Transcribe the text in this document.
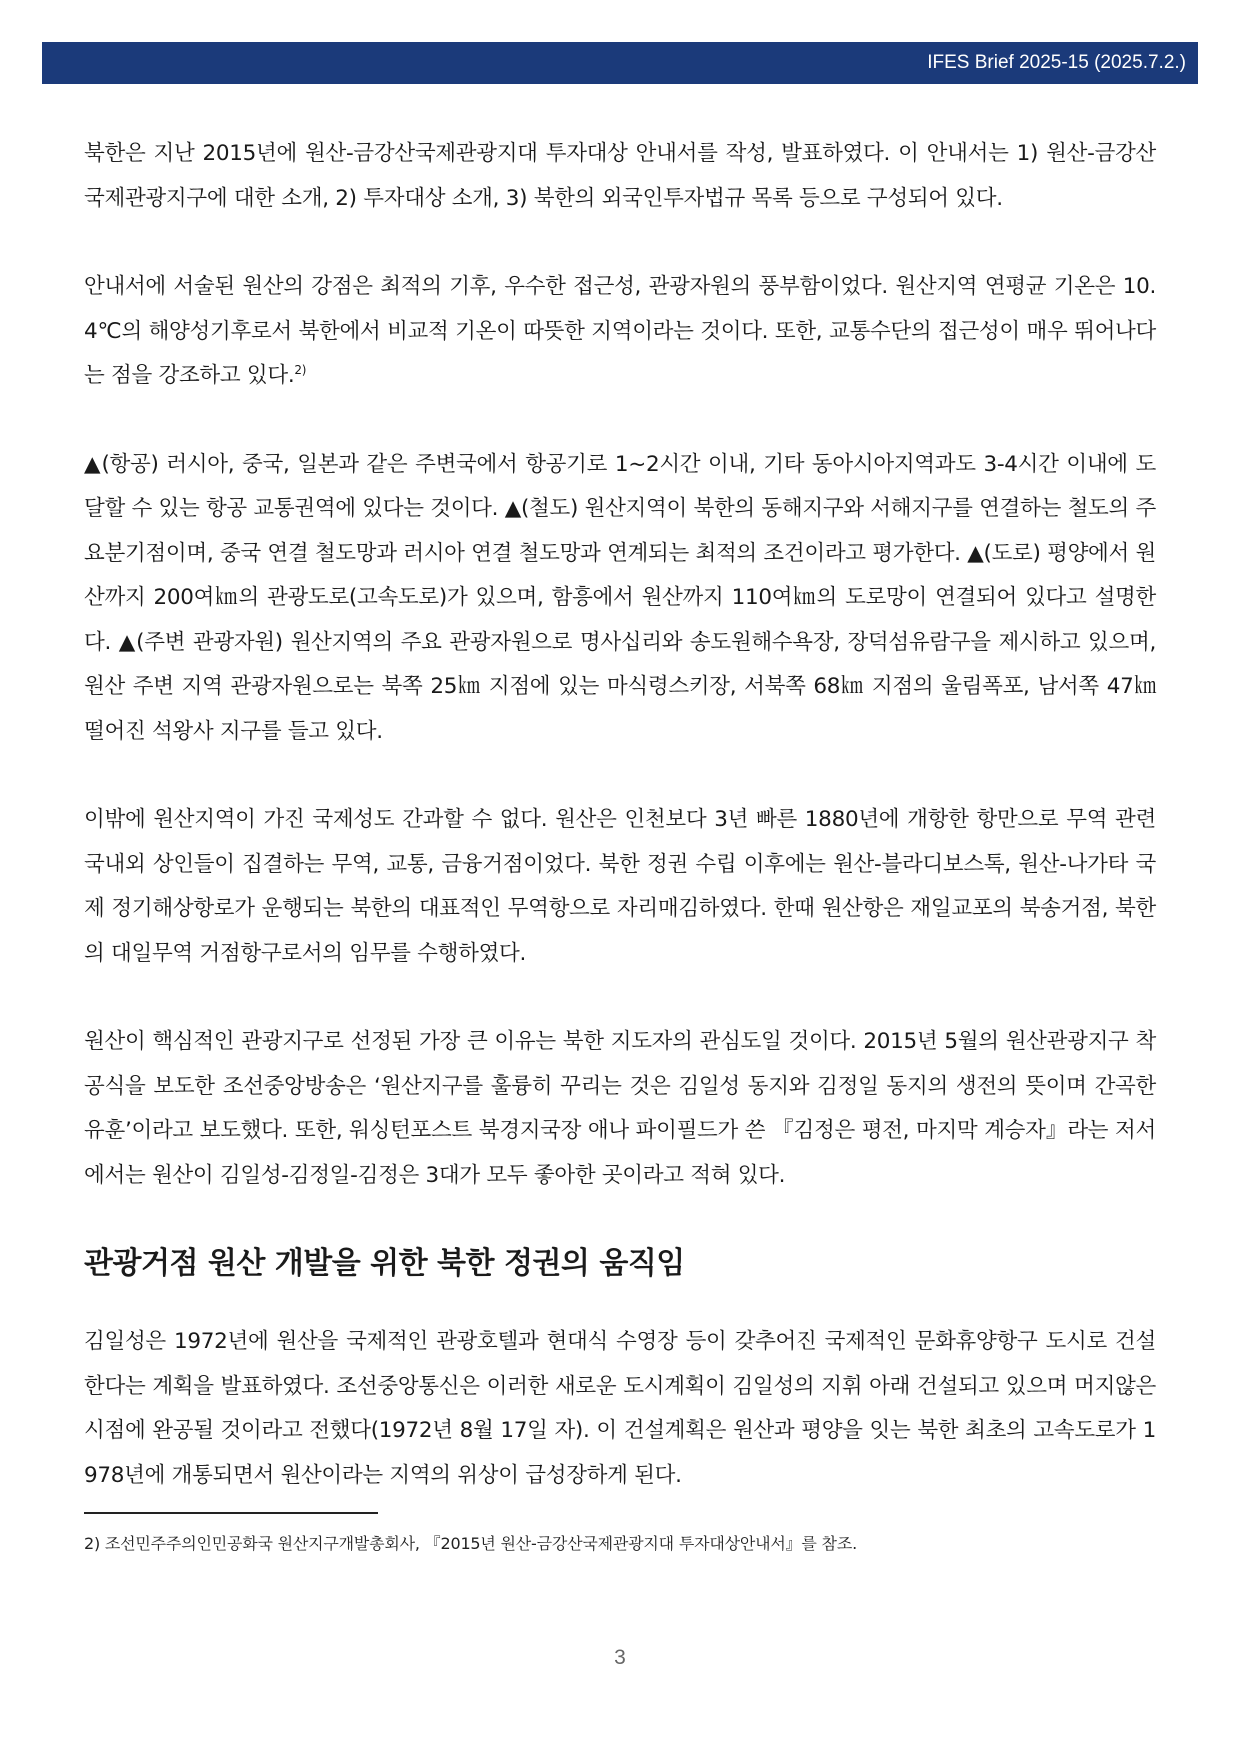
IFES Brief 2025-15 (2025.7.2.)

북한은 지난 2015년에 원산-금강산국제관광지대 투자대상 안내서를 작성, 발표하였다. 이 안내서는 1) 원산-금강산국제관광지구에 대한 소개, 2) 투자대상 소개, 3) 북한의 외국인투자법규 목록 등으로 구성되어 있다.

안내서에 서술된 원산의 강점은 최적의 기후, 우수한 접근성, 관광자원의 풍부함이었다. 원산지역 연평균 기온은 10.4℃의 해양성기후로서 북한에서 비교적 기온이 따뜻한 지역이라는 것이다. 또한, 교통수단의 접근성이 매우 뛰어나다는 점을 강조하고 있다.$^{2)}$

▲(항공) 러시아, 중국, 일본과 같은 주변국에서 항공기로 1~2시간 이내, 기타 동아시아지역과도 3-4시간 이내에 도달할 수 있는 항공 교통권역에 있다는 것이다. ▲(철도) 원산지역이 북한의 동해지구와 서해지구를 연결하는 철도의 주요분기점이며, 중국 연결 철도망과 러시아 연결 철도망과 연계되는 최적의 조건이라고 평가한다. ▲(도로) 평양에서 원산까지 200여㎞의 관광도로(고속도로)가 있으며, 함흥에서 원산까지 110여㎞의 도로망이 연결되어 있다고 설명한다. ▲(주변 관광자원) 원산지역의 주요 관광자원으로 명사십리와 송도원해수욕장, 장덕섬유람구을 제시하고 있으며, 원산 주변 지역 관광자원으로는 북쪽 25㎞ 지점에 있는 마식령스키장, 서북쪽 68㎞ 지점의 울림폭포, 남서쪽 47㎞ 떨어진 석왕사 지구를 들고 있다.

이밖에 원산지역이 가진 국제성도 간과할 수 없다. 원산은 인천보다 3년 빠른 1880년에 개항한 항만으로 무역 관련 국내외 상인들이 집결하는 무역, 교통, 금융거점이었다. 북한 정권 수립 이후에는 원산-블라디보스톡, 원산-나가타 국제 정기해상항로가 운행되는 북한의 대표적인 무역항으로 자리매김하였다. 한때 원산항은 재일교포의 북송거점, 북한의 대일무역 거점항구로서의 임무를 수행하였다.

원산이 핵심적인 관광지구로 선정된 가장 큰 이유는 북한 지도자의 관심도일 것이다. 2015년 5월의 원산관광지구 착공식을 보도한 조선중앙방송은 ‘원산지구를 훌륭히 꾸리는 것은 김일성 동지와 김정일 동지의 생전의 뜻이며 간곡한 유훈’이라고 보도했다. 또한, 워싱턴포스트 북경지국장 애나 파이필드가 쓴 『김정은 평전, 마지막 계승자』라는 저서에서는 원산이 김일성-김정일-김정은 3대가 모두 좋아한 곳이라고 적혀 있다.

관광거점 원산 개발을 위한 북한 정권의 움직임

김일성은 1972년에 원산을 국제적인 관광호텔과 현대식 수영장 등이 갖추어진 국제적인 문화휴양항구 도시로 건설한다는 계획을 발표하였다. 조선중앙통신은 이러한 새로운 도시계획이 김일성의 지휘 아래 건설되고 있으며 머지않은 시점에 완공될 것이라고 전했다(1972년 8월 17일 자). 이 건설계획은 원산과 평양을 잇는 북한 최초의 고속도로가 1978년에 개통되면서 원산이라는 지역의 위상이 급성장하게 된다.

2) 조선민주주의인민공화국 원산지구개발총회사, 『2015년 원산-금강산국제관광지대 투자대상안내서』를 참조.
3
